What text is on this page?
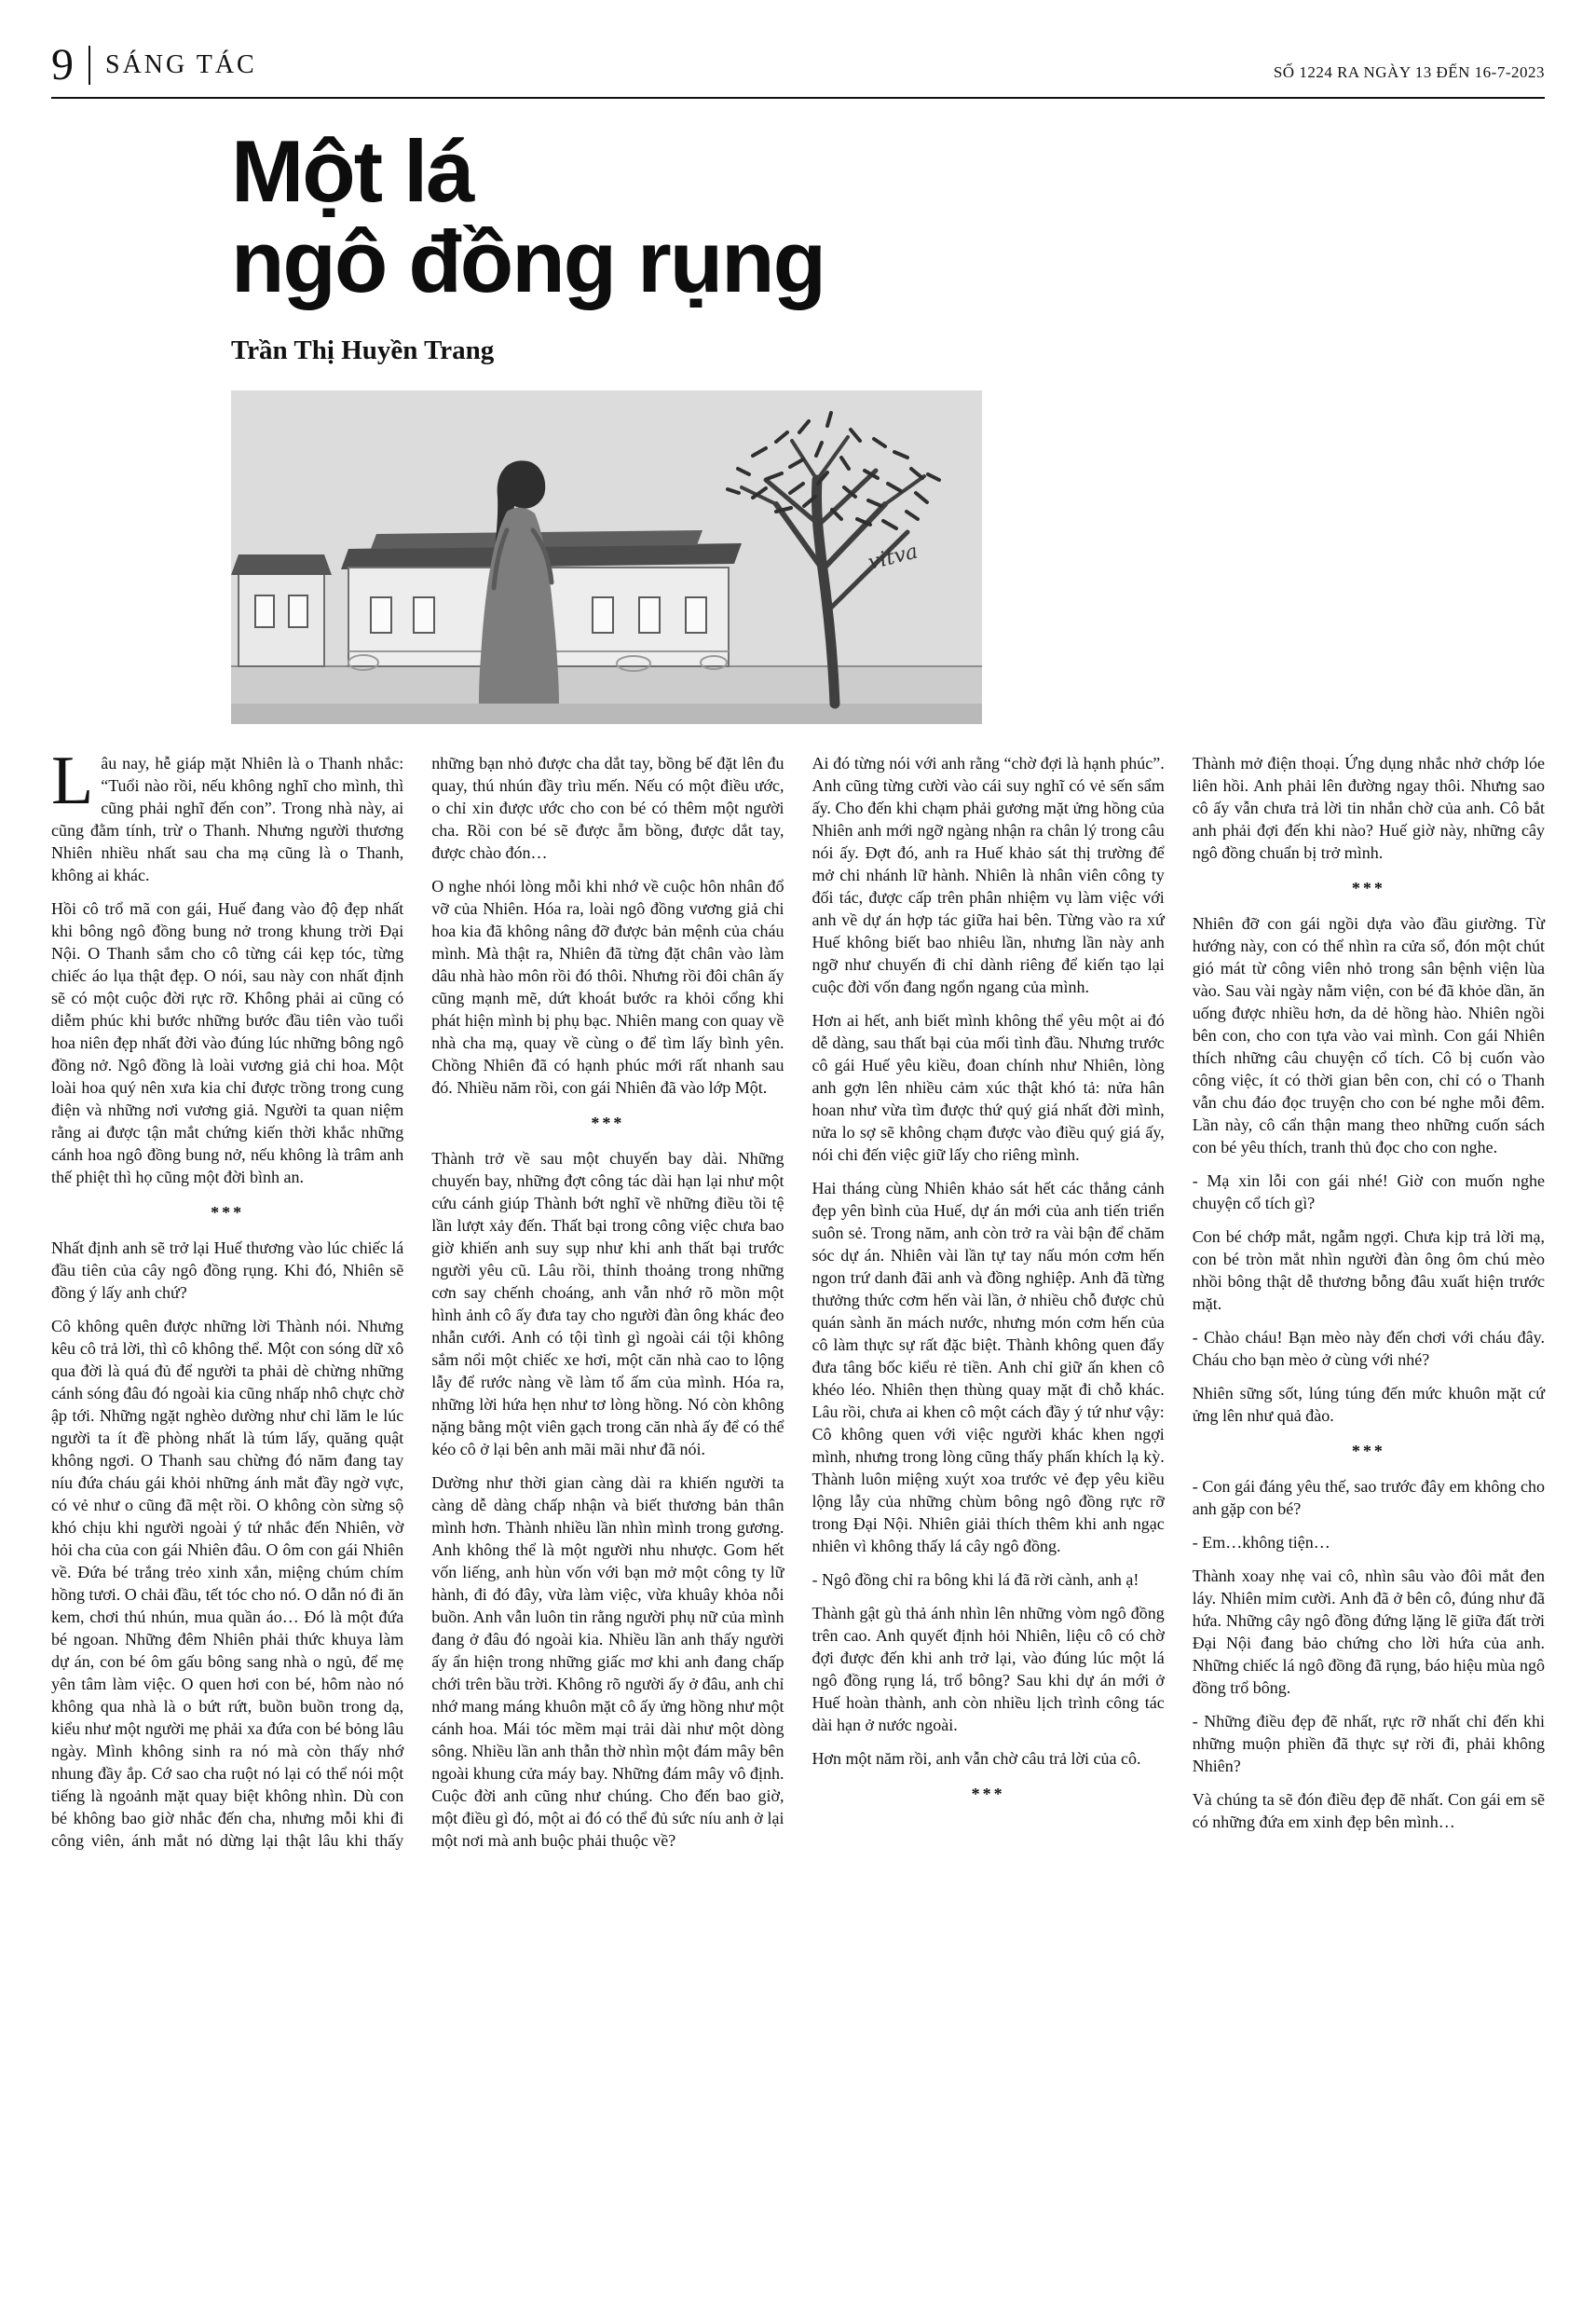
9 SÁNG TÁC	SỐ 1224 RA NGÀY 13 ĐẾN 16-7-2023
Một lá
ngô đồng rụng
Trần Thị Huyền Trang
vitva

Lâu nay, hễ giáp mặt Nhiên là o Thanh nhắc: “Tuổi nào rồi, nếu không nghĩ cho mình, thì cũng phải nghĩ đến con”. Trong nhà này, ai cũng đằm tính, trừ o Thanh. Nhưng người thương Nhiên nhiều nhất sau cha mạ cũng là o Thanh, không ai khác.

Hồi cô trổ mã con gái, Huế đang vào độ đẹp nhất khi bông ngô đồng bung nở trong khung trời Đại Nội. O Thanh sắm cho cô từng cái kẹp tóc, từng chiếc áo lụa thật đẹp. O nói, sau này con nhất định sẽ có một cuộc đời rực rỡ. Không phải ai cũng có diễm phúc khi bước những bước đầu tiên vào tuổi hoa niên đẹp nhất đời vào đúng lúc những bông ngô đồng nở. Ngô đồng là loài vương giả chi hoa. Một loài hoa quý nên xưa kia chỉ được trồng trong cung điện và những nơi vương giả. Người ta quan niệm rằng ai được tận mắt chứng kiến thời khắc những cánh hoa ngô đồng bung nở, nếu không là trâm anh thế phiệt thì họ cũng một đời bình an.

***

Nhất định anh sẽ trở lại Huế thương vào lúc chiếc lá đầu tiên của cây ngô đồng rụng. Khi đó, Nhiên sẽ đồng ý lấy anh chứ?

Cô không quên được những lời Thành nói. Nhưng kêu cô trả lời, thì cô không thể. Một con sóng dữ xô qua đời là quá đủ để người ta phải dè chừng những cánh sóng đâu đó ngoài kia cũng nhấp nhô chực chờ ập tới. Những ngặt nghèo dường như chỉ lăm le lúc người ta ít đề phòng nhất là túm lấy, quăng quật không ngơi. O Thanh sau chừng đó năm đang tay níu đứa cháu gái khỏi những ánh mắt đầy ngờ vực, có vẻ như o cũng đã mệt rồi. O không còn sừng sộ khó chịu khi người ngoài ý tứ nhắc đến Nhiên, vờ hỏi cha của con gái Nhiên đâu. O ôm con gái Nhiên về. Đứa bé trắng trẻo xinh xắn, miệng chúm chím hồng tươi. O chải đầu, tết tóc cho nó. O dẫn nó đi ăn kem, chơi thú nhún, mua quần áo… Đó là một đứa bé ngoan. Những đêm Nhiên phải thức khuya làm dự án, con bé ôm gấu bông sang nhà o ngủ, để mẹ yên tâm làm việc. O quen hơi con bé, hôm nào nó không qua nhà là o bứt rứt, buồn buồn trong dạ, kiểu như một người mẹ phải xa đứa con bé bỏng lâu ngày. Mình không sinh ra nó mà còn thấy nhớ nhung đầy ắp. Cớ sao cha ruột nó lại có thể nói một tiếng là ngoảnh mặt quay biệt không nhìn. Dù con bé không bao giờ nhắc đến cha, nhưng mỗi khi đi công viên, ánh mắt nó dừng lại thật lâu khi thấy những bạn nhỏ được cha dắt tay, bồng bế đặt lên đu quay, thú nhún đầy trìu mến. Nếu có một điều ước, o chỉ xin được ước cho con bé có thêm một người cha. Rồi con bé sẽ được ẵm bồng, được dắt tay, được chào đón…

O nghe nhói lòng mỗi khi nhớ về cuộc hôn nhân đổ vỡ của Nhiên. Hóa ra, loài ngô đồng vương giả chi hoa kia đã không nâng đỡ được bản mệnh của cháu mình. Mà thật ra, Nhiên đã từng đặt chân vào làm dâu nhà hào môn rồi đó thôi. Nhưng rồi đôi chân ấy cũng mạnh mẽ, dứt khoát bước ra khỏi cổng khi phát hiện mình bị phụ bạc. Nhiên mang con quay về nhà cha mạ, quay về cùng o để tìm lấy bình yên. Chồng Nhiên đã có hạnh phúc mới rất nhanh sau đó. Nhiều năm rồi, con gái Nhiên đã vào lớp Một.

***

Thành trở về sau một chuyến bay dài. Những chuyến bay, những đợt công tác dài hạn lại như một cứu cánh giúp Thành bớt nghĩ về những điều tồi tệ lần lượt xảy đến. Thất bại trong công việc chưa bao giờ khiến anh suy sụp như khi anh thất bại trước người yêu cũ. Lâu rồi, thỉnh thoảng trong những cơn say chếnh choáng, anh vẫn nhớ rõ mồn một hình ảnh cô ấy đưa tay cho người đàn ông khác đeo nhẫn cưới. Anh có tội tình gì ngoài cái tội không sắm nổi một chiếc xe hơi, một căn nhà cao to lộng lẫy để rước nàng về làm tổ ấm của mình. Hóa ra, những lời hứa hẹn như tơ lòng hồng. Nó còn không nặng bằng một viên gạch trong căn nhà ấy để có thể kéo cô ở lại bên anh mãi mãi như đã nói.

Dường như thời gian càng dài ra khiến người ta càng dễ dàng chấp nhận và biết thương bản thân mình hơn. Thành nhiều lần nhìn mình trong gương. Anh không thể là một người nhu nhược. Gom hết vốn liếng, anh hùn vốn với bạn mở một công ty lữ hành, đi đó đây, vừa làm việc, vừa khuây khỏa nỗi buồn. Anh vẫn luôn tin rằng người phụ nữ của mình đang ở đâu đó ngoài kia. Nhiều lần anh thấy người ấy ẩn hiện trong những giấc mơ khi anh đang chấp chới trên bầu trời. Không rõ người ấy ở đâu, anh chỉ nhớ mang máng khuôn mặt cô ấy ửng hồng như một cánh hoa. Mái tóc mềm mại trải dài như một dòng sông. Nhiều lần anh thẫn thờ nhìn một đám mây bên ngoài khung cửa máy bay. Những đám mây vô định. Cuộc đời anh cũng như chúng. Cho đến bao giờ, một điều gì đó, một ai đó có thể đủ sức níu anh ở lại một nơi mà anh buộc phải thuộc về?

Ai đó từng nói với anh rằng “chờ đợi là hạnh phúc”. Anh cũng từng cười vào cái suy nghĩ có vẻ sến sẩm ấy. Cho đến khi chạm phải gương mặt ửng hồng của Nhiên anh mới ngỡ ngàng nhận ra chân lý trong câu nói ấy. Đợt đó, anh ra Huế khảo sát thị trường để mở chi nhánh lữ hành. Nhiên là nhân viên công ty đối tác, được cấp trên phân nhiệm vụ làm việc với anh về dự án hợp tác giữa hai bên. Từng vào ra xứ Huế không biết bao nhiêu lần, nhưng lần này anh ngỡ như chuyến đi chỉ dành riêng để kiến tạo lại cuộc đời vốn đang ngổn ngang của mình.

Hơn ai hết, anh biết mình không thể yêu một ai đó dễ dàng, sau thất bại của mối tình đầu. Nhưng trước cô gái Huế yêu kiều, đoan chính như Nhiên, lòng anh gợn lên nhiều cảm xúc thật khó tả: nửa hân hoan như vừa tìm được thứ quý giá nhất đời mình, nửa lo sợ sẽ không chạm được vào điều quý giá ấy, nói chi đến việc giữ lấy cho riêng mình.

Hai tháng cùng Nhiên khảo sát hết các thắng cảnh đẹp yên bình của Huế, dự án mới của anh tiến triển suôn sẻ. Trong năm, anh còn trở ra vài bận để chăm sóc dự án. Nhiên vài lần tự tay nấu món cơm hến ngon trứ danh đãi anh và đồng nghiệp. Anh đã từng thưởng thức cơm hến vài lần, ở nhiều chỗ được chủ quán sành ăn mách nước, nhưng món cơm hến của cô làm thực sự rất đặc biệt. Thành không quen đẩy đưa tâng bốc kiểu rẻ tiền. Anh chỉ giữ ấn khen cô khéo léo. Nhiên thẹn thùng quay mặt đi chỗ khác. Lâu rồi, chưa ai khen cô một cách đầy ý tứ như vậy: Cô không quen với việc người khác khen ngợi mình, nhưng trong lòng cũng thấy phấn khích lạ kỳ. Thành luôn miệng xuýt xoa trước vẻ đẹp yêu kiều lộng lẫy của những chùm bông ngô đồng rực rỡ trong Đại Nội. Nhiên giải thích thêm khi anh ngạc nhiên vì không thấy lá cây ngô đồng.

- Ngô đồng chỉ ra bông khi lá đã rời cành, anh ạ!

Thành gật gù thả ánh nhìn lên những vòm ngô đồng trên cao. Anh quyết định hỏi Nhiên, liệu cô có chờ đợi được đến khi anh trở lại, vào đúng lúc một lá ngô đồng rụng lá, trổ bông? Sau khi dự án mới ở Huế hoàn thành, anh còn nhiều lịch trình công tác dài hạn ở nước ngoài.

Hơn một năm rồi, anh vẫn chờ câu trả lời của cô.

***

Thành mở điện thoại. Ứng dụng nhắc nhở chớp lóe liên hồi. Anh phải lên đường ngay thôi. Nhưng sao cô ấy vẫn chưa trả lời tin nhắn chờ của anh. Cô bắt anh phải đợi đến khi nào? Huế giờ này, những cây ngô đồng chuẩn bị trở mình.

***

Nhiên đỡ con gái ngồi dựa vào đầu giường. Từ hướng này, con có thể nhìn ra cửa sổ, đón một chút gió mát từ công viên nhỏ trong sân bệnh viện lùa vào. Sau vài ngày nằm viện, con bé đã khỏe dần, ăn uống được nhiều hơn, da dẻ hồng hào. Nhiên ngồi bên con, cho con tựa vào vai mình. Con gái Nhiên thích những câu chuyện cổ tích. Cô bị cuốn vào công việc, ít có thời gian bên con, chỉ có o Thanh vẫn chu đáo đọc truyện cho con bé nghe mỗi đêm. Lần này, cô cẩn thận mang theo những cuốn sách con bé yêu thích, tranh thủ đọc cho con nghe.

- Mạ xin lỗi con gái nhé! Giờ con muốn nghe chuyện cổ tích gì?

Con bé chớp mắt, ngẫm ngợi. Chưa kịp trả lời mạ, con bé tròn mắt nhìn người đàn ông ôm chú mèo nhồi bông thật dễ thương bỗng đâu xuất hiện trước mặt.

- Chào cháu! Bạn mèo này đến chơi với cháu đây. Cháu cho bạn mèo ở cùng với nhé?

Nhiên sững sốt, lúng túng đến mức khuôn mặt cứ ửng lên như quả đào.

***

- Con gái đáng yêu thế, sao trước đây em không cho anh gặp con bé?

- Em…không tiện…

Thành xoay nhẹ vai cô, nhìn sâu vào đôi mắt đen láy. Nhiên mỉm cười. Anh đã ở bên cô, đúng như đã hứa. Những cây ngô đồng đứng lặng lẽ giữa đất trời Đại Nội đang bảo chứng cho lời hứa của anh. Những chiếc lá ngô đồng đã rụng, báo hiệu mùa ngô đồng trổ bông.

- Những điều đẹp đẽ nhất, rực rỡ nhất chỉ đến khi những muộn phiền đã thực sự rời đi, phải không Nhiên?

Và chúng ta sẽ đón điều đẹp đẽ nhất. Con gái em sẽ có những đứa em xinh đẹp bên mình…
